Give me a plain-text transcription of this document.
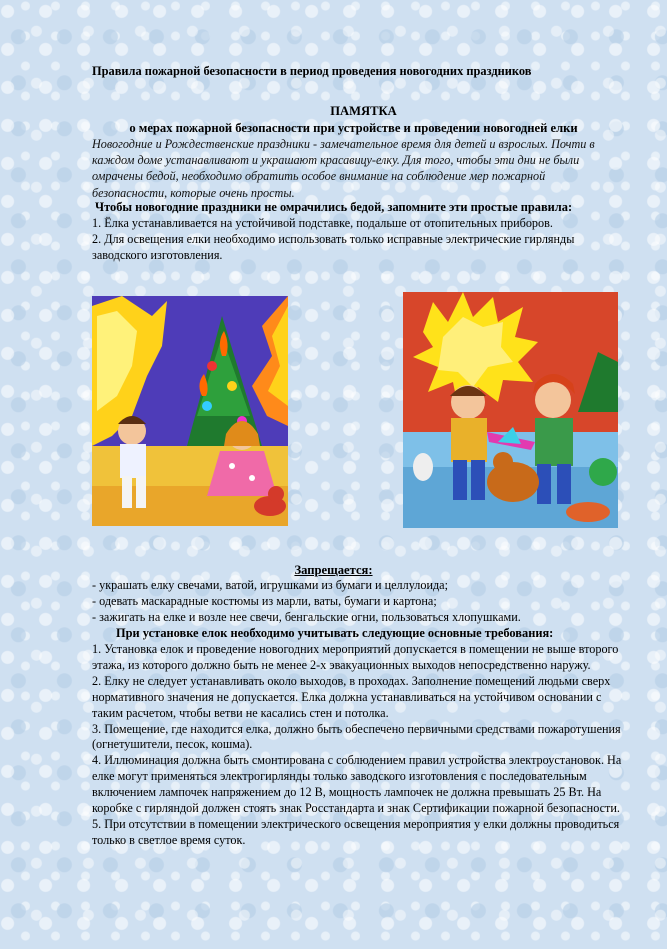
Правила пожарной безопасности в период проведения новогодних праздников
ПАМЯТКА
о мерах пожарной безопасности при устройстве и проведении новогодней елки
Новогодние и Рождественские праздники - замечательное время для детей и взрослых. Почти в каждом доме устанавливают и украшают красавицу-елку. Для того, чтобы эти дни не были омрачены бедой, необходимо обратить особое внимание на соблюдение мер пожарной безопасности, которые очень просты.
Чтобы новогодние праздники не омрачились бедой, запомните эти простые правила:
1. Ёлка устанавливается на устойчивой подставке, подальше от отопительных приборов.
2. Для освещения елки необходимо использовать только исправные электрические гирлянды заводского изготовления.
Запрещается:
- украшать елку свечами, ватой, игрушками из бумаги и целлулоида;
- одевать маскарадные костюмы из марли, ваты, бумаги и картона;
- зажигать на елке и возле нее свечи, бенгальские огни, пользоваться хлопушками.
При установке елок необходимо учитывать следующие основные требования:
1. Установка елок и проведение новогодних мероприятий допускается в помещении не выше второго этажа, из которого должно быть не менее 2-х эвакуационных выходов непосредственно наружу.
2. Елку не следует устанавливать около выходов, в проходах. Заполнение помещений людьми сверх нормативного значения не допускается. Елка должна устанавливаться на устойчивом основании с таким расчетом, чтобы ветви не касались стен и потолка.
3. Помещение, где находится елка, должно быть обеспечено первичными средствами пожаротушения (огнетушители, песок, кошма).
4. Иллюминация должна быть смонтирована с соблюдением правил устройства электроустановок. На елке могут применяться электрогирлянды только заводского изготовления с последовательным включением лампочек напряжением до 12 В, мощность лампочек не должна превышать 25 Вт. На коробке с гирляндой должен стоять знак Росстандарта и знак Сертификации пожарной безопасности.
5. При отсутствии в помещении электрического освещения мероприятия у елки должны проводиться только в светлое время суток.
